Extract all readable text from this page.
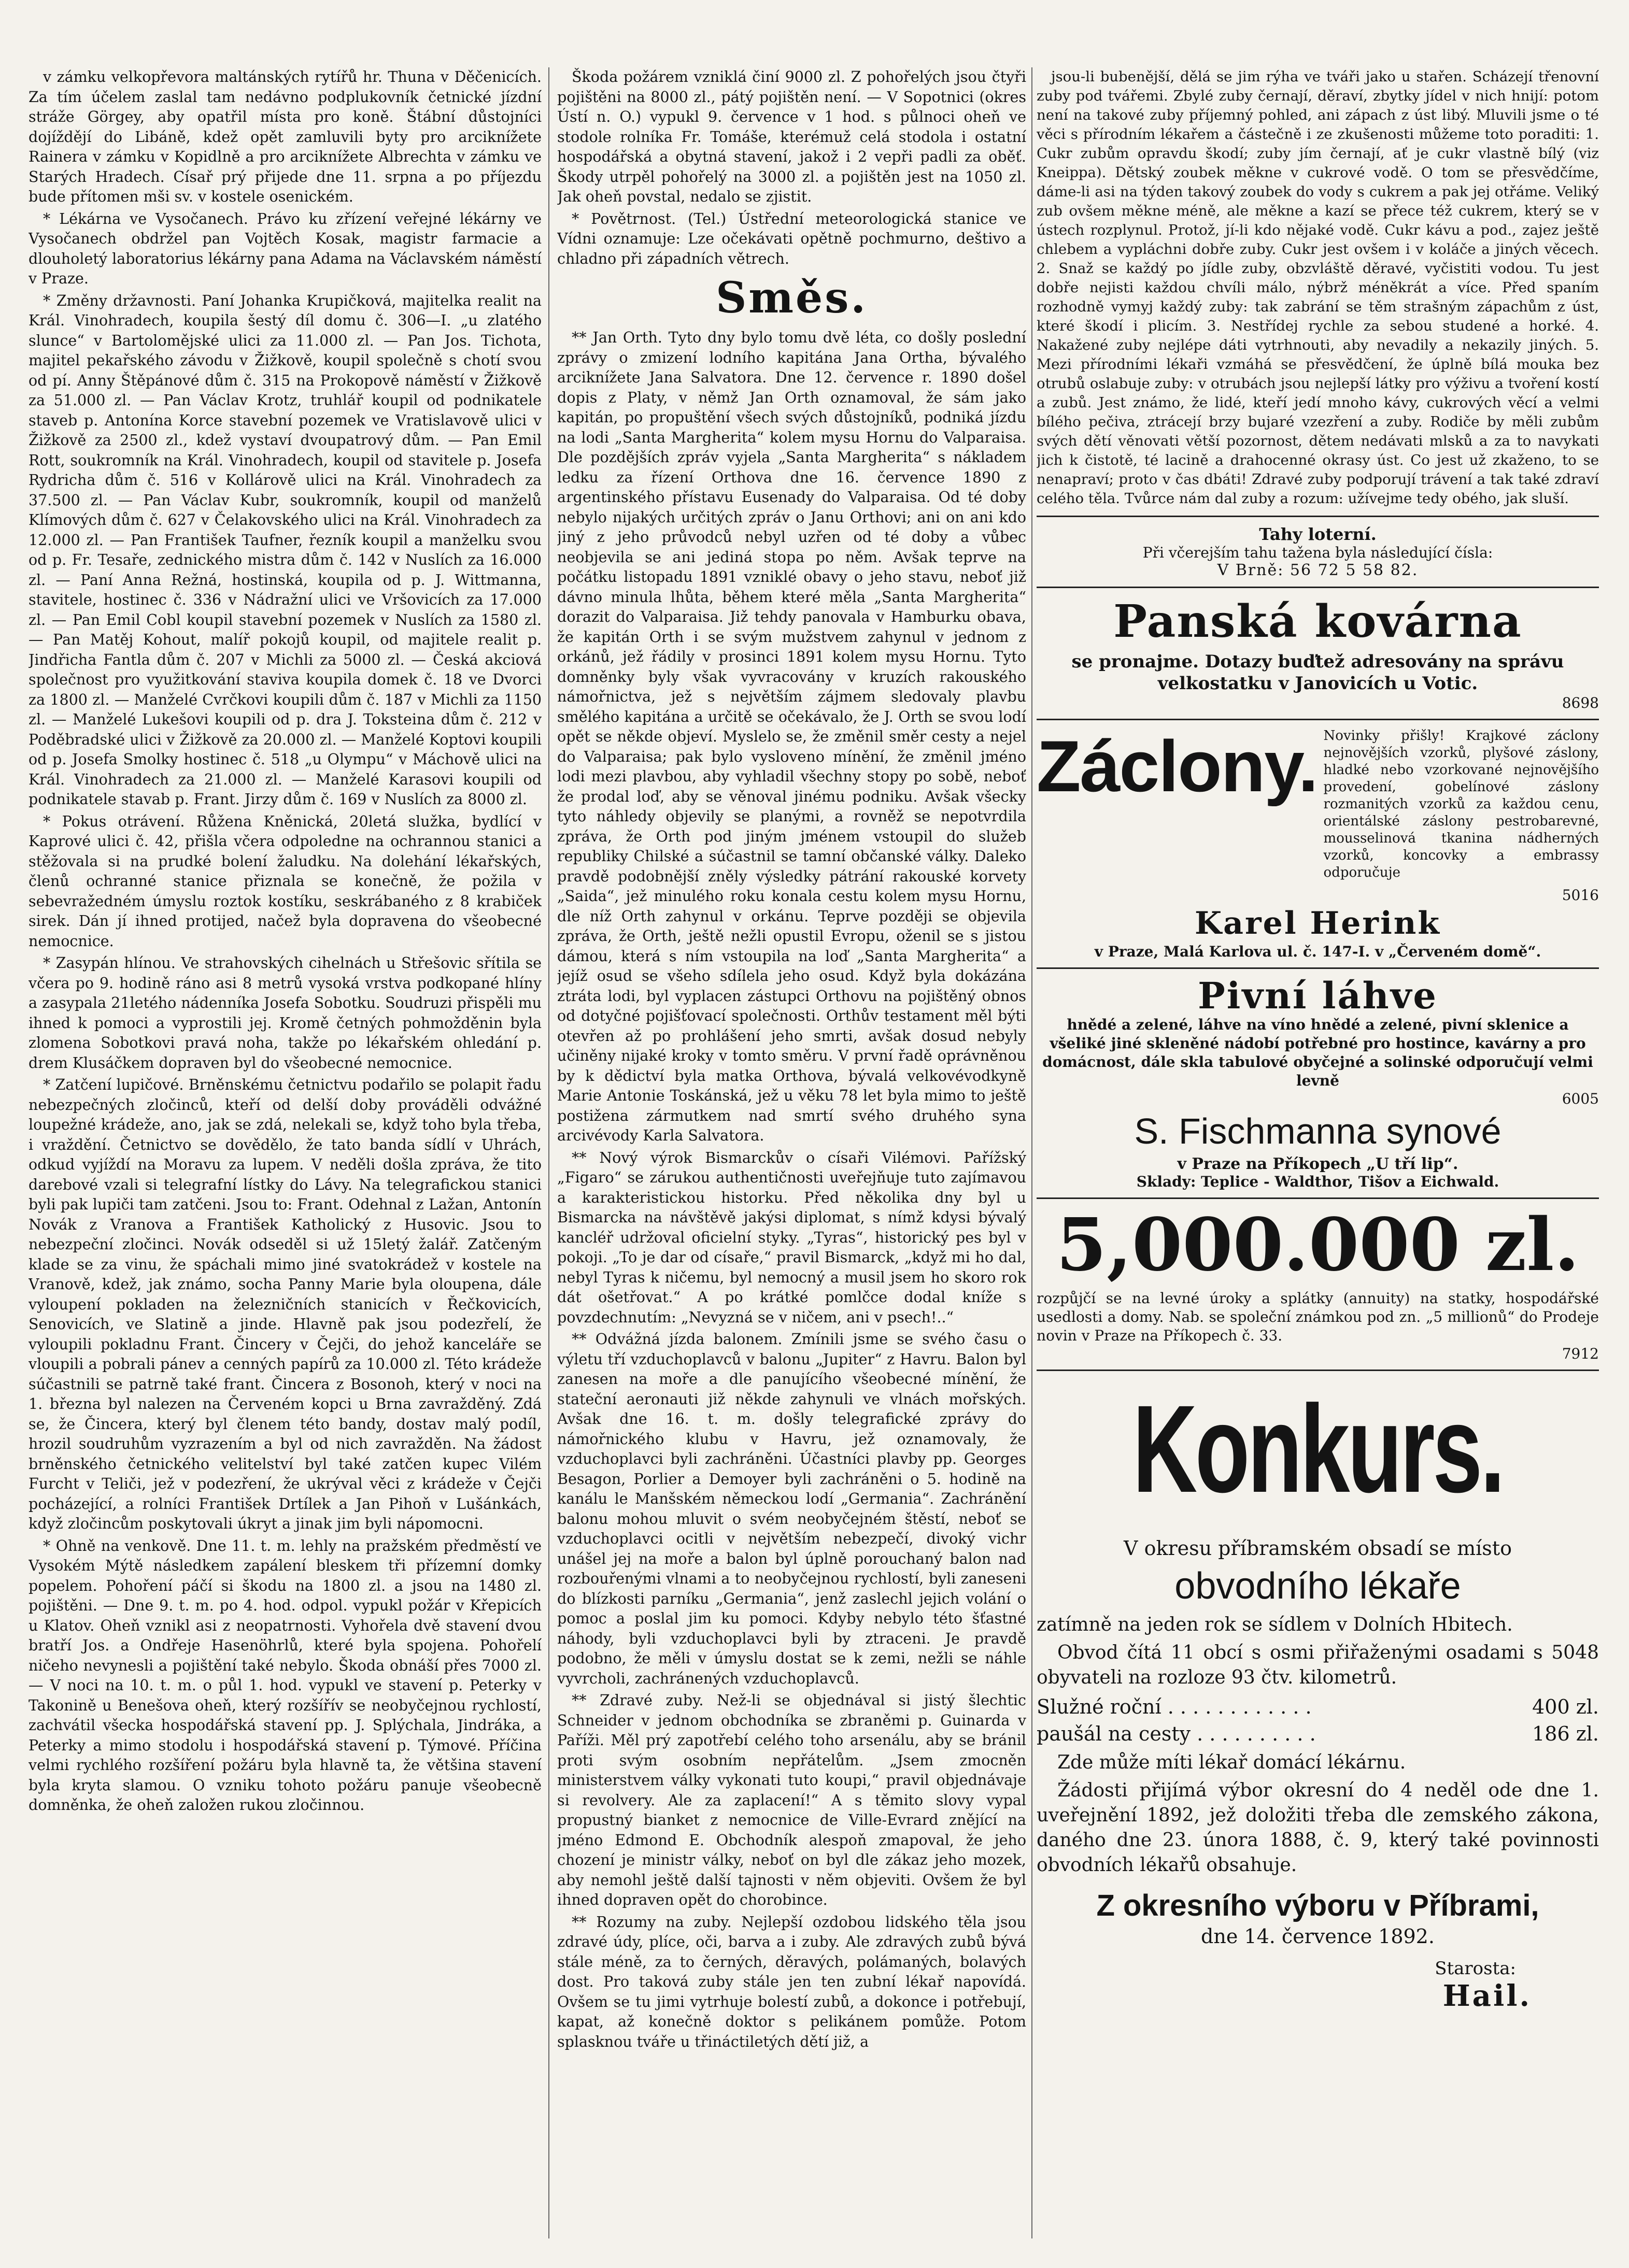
v zámku velkopřevora maltánských rytířů hr. Thuna v Děčenicích. Za tím účelem zaslal tam nedávno podplukovník četnické jízdní stráže Görgey, aby opatřil místa pro koně. Štábní důstojníci dojíždějí do Libáně, kdež opět zamluvili byty pro arciknížete Rainera v zámku v Kopidlně a pro arciknížete Albrechta v zámku ve Starých Hradech. Císař prý přijede dne 11. srpna a po příjezdu bude přítomen mši sv. v kostele osenickém.

* Lékárna ve Vysočanech. Právo ku zřízení veřejné lékárny ve Vysočanech obdržel pan Vojtěch Kosak, magistr farmacie a dlouholetý laboratorius lékárny pana Adama na Václavském náměstí v Praze.

* Změny državnosti. Paní Johanka Krupičková, majitelka realit na Král. Vinohradech, koupila šestý díl domu č. 306—I. „u zlatého slunce“ v Bartolomějské ulici za 11.000 zl. — Pan Jos. Tichota, majitel pekařského závodu v Žižkově, koupil společně s chotí svou od pí. Anny Štěpánové dům č. 315 na Prokopově náměstí v Žižkově za 51.000 zl. — Pan Václav Krotz, truhlář koupil od podnikatele staveb p. Antonína Korce stavební pozemek ve Vratislavově ulici v Žižkově za 2500 zl., kdež vystaví dvoupatrový dům. — Pan Emil Rott, soukromník na Král. Vinohradech, koupil od stavitele p. Josefa Rydricha dům č. 516 v Kollárově ulici na Král. Vinohradech za 37.500 zl. — Pan Václav Kubr, soukromník, koupil od manželů Klímových dům č. 627 v Čelakovského ulici na Král. Vinohradech za 12.000 zl. — Pan František Taufner, řezník koupil a manželku svou od p. Fr. Tesaře, zednického mistra dům č. 142 v Nuslích za 16.000 zl. — Paní Anna Režná, hostinská, koupila od p. J. Wittmanna, stavitele, hostinec č. 336 v Nádražní ulici ve Vršovicích za 17.000 zl. — Pan Emil Cobl koupil stavební pozemek v Nuslích za 1580 zl. — Pan Matěj Kohout, malíř pokojů koupil, od majitele realit p. Jindřicha Fantla dům č. 207 v Michli za 5000 zl. — Česká akciová společnost pro využitkování staviva koupila domek č. 18 ve Dvorci za 1800 zl. — Manželé Cvrčkovi koupili dům č. 187 v Michli za 1150 zl. — Manželé Lukešovi koupili od p. dra J. Toksteina dům č. 212 v Poděbradské ulici v Žižkově za 20.000 zl. — Manželé Koptovi koupili od p. Josefa Smolky hostinec č. 518 „u Olympu“ v Máchově ulici na Král. Vinohradech za 21.000 zl. — Manželé Karasovi koupili od podnikatele stavab p. Frant. Jirzy dům č. 169 v Nuslích za 8000 zl.

* Pokus otrávení. Růžena Kněnická, 20letá služka, bydlící v Kaprové ulici č. 42, přišla včera odpoledne na ochrannou stanici a stěžovala si na prudké bolení žaludku. Na dolehání lékařských, členů ochranné stanice přiznala se konečně, že požila v sebevražedném úmyslu roztok kostíku, seskrábaného z 8 krabiček sirek. Dán jí ihned protijed, načež byla dopravena do všeobecné nemocnice.

* Zasypán hlínou. Ve strahovských cihelnách u Střešovic sřítila se včera po 9. hodině ráno asi 8 metrů vysoká vrstva podkopané hlíny a zasypala 21letého nádenníka Josefa Sobotku. Soudruzi přispěli mu ihned k pomoci a vyprostili jej. Kromě četných pohmožděnin byla zlomena Sobotkovi pravá noha, takže po lékařském ohledání p. drem Klusáčkem dopraven byl do všeobecné nemocnice.

* Zatčení lupičové. Brněnskému četnictvu podařilo se polapit řadu nebezpečných zločinců, kteří od delší doby prováděli odvážné loupežné krádeže, ano, jak se zdá, nelekali se, když toho byla třeba, i vraždění. Četnictvo se dovědělo, že tato banda sídlí v Uhrách, odkud vyjíždí na Moravu za lupem. V neděli došla zpráva, že tito darebové vzali si telegrafní lístky do Lávy. Na telegrafickou stanici byli pak lupiči tam zatčeni. Jsou to: Frant. Odehnal z Lažan, Antonín Novák z Vranova a František Katholický z Husovic. Jsou to nebezpeční zločinci. Novák odseděl si už 15letý žalář. Zatčeným klade se za vinu, že spáchali mimo jiné svatokrádež v kostele na Vranově, kdež, jak známo, socha Panny Marie byla oloupena, dále vyloupení pokladen na železničních stanicích v Řečkovicích, Senovicích, ve Slatině a jinde. Hlavně pak jsou podezřelí, že vyloupili pokladnu Frant. Čincery v Čejči, do jehož kanceláře se vloupili a pobrali pánev a cenných papírů za 10.000 zl. Této krádeže súčastnili se patrně také frant. Čincera z Bosonoh, který v noci na 1. března byl nalezen na Červeném kopci u Brna zavražděný. Zdá se, že Čincera, který byl členem této bandy, dostav malý podíl, hrozil soudruhům vyzrazením a byl od nich zavražděn. Na žádost brněnského četnického velitelství byl také zatčen kupec Vilém Furcht v Teliči, jež v podezření, že ukrýval věci z krádeže v Čejči pocházející, a rolníci František Drtílek a Jan Pihoň v Lušánkách, když zločincům poskytovali úkryt a jinak jim byli nápomocni.

* Ohně na venkově. Dne 11. t. m. lehly na pražském předměstí ve Vysokém Mýtě následkem zapálení bleskem tři přízemní domky popelem. Pohoření páčí si škodu na 1800 zl. a jsou na 1480 zl. pojištěni. — Dne 9. t. m. po 4. hod. odpol. vypukl požár v Křepicích u Klatov. Oheň vznikl asi z neopatrnosti. Vyhořela dvě stavení dvou bratří Jos. a Ondřeje Hasenöhrlů, které byla spojena. Pohořelí ničeho nevynesli a pojištění také nebylo. Škoda obnáší přes 7000 zl. — V noci na 10. t. m. o půl 1. hod. vypukl ve stavení p. Peterky v Takonině u Benešova oheň, který rozšířív se neobyčejnou rychlostí, zachvátil všecka hospodářská stavení pp. J. Splýchala, Jindráka, a Peterky a mimo stodolu i hospodářská stavení p. Týmové. Příčina velmi rychlého rozšíření požáru byla hlavně ta, že většina stavení byla kryta slamou. O vzniku tohoto požáru panuje všeobecně domněnka, že oheň založen rukou zločinnou.

Škoda požárem vzniklá činí 9000 zl. Z pohořelých jsou čtyři pojištěni na 8000 zl., pátý pojištěn není. — V Sopotnici (okres Ústí n. O.) vypukl 9. července v 1 hod. s půlnoci oheň ve stodole rolníka Fr. Tomáše, kterémuž celá stodola i ostatní hospodářská a obytná stavení, jakož i 2 vepři padli za oběť. Škody utrpěl pohořelý na 3000 zl. a pojištěn jest na 1050 zl. Jak oheň povstal, nedalo se zjistit.

* Povětrnost. (Tel.) Ústřední meteorologická stanice ve Vídni oznamuje: Lze očekávati opětně pochmurno, deštivo a chladno při západních větrech.

Směs.

** Jan Orth. Tyto dny bylo tomu dvě léta, co došly poslední zprávy o zmizení lodního kapitána Jana Ortha, bývalého arciknížete Jana Salvatora. Dne 12. července r. 1890 došel dopis z Platy, v němž Jan Orth oznamoval, že sám jako kapitán, po propuštění všech svých důstojníků, podniká jízdu na lodi „Santa Margherita“ kolem mysu Hornu do Valparaisa. Dle pozdějších zpráv vyjela „Santa Margherita“ s nákladem ledku za řízení Orthova dne 16. července 1890 z argentinského přístavu Eusenady do Valparaisa. Od té doby nebylo nijakých určitých zpráv o Janu Orthovi; ani on ani kdo jiný z jeho průvodců nebyl uzřen od té doby a vůbec neobjevila se ani jediná stopa po něm. Avšak teprve na počátku listopadu 1891 vzniklé obavy o jeho stavu, neboť již dávno minula lhůta, během které měla „Santa Margherita“ dorazit do Valparaisa. Již tehdy panovala v Hamburku obava, že kapitán Orth i se svým mužstvem zahynul v jednom z orkánů, jež řádily v prosinci 1891 kolem mysu Hornu. Tyto domněnky byly však vyvracovány v kruzích rakouského námořnictva, jež s největším zájmem sledovaly plavbu smělého kapitána a určitě se očekávalo, že J. Orth se svou lodí opět se někde objeví. Myslelo se, že změnil směr cesty a nejel do Valparaisa; pak bylo vysloveno mínění, že změnil jméno lodi mezi plavbou, aby vyhladil všechny stopy po sobě, neboť že prodal loď, aby se věnoval jinému podniku. Avšak všecky tyto náhledy objevily se planými, a rovněž se nepotvrdila zpráva, že Orth pod jiným jménem vstoupil do služeb republiky Chilské a súčastnil se tamní občanské války. Daleko pravdě podobnější zněly výsledky pátrání rakouské korvety „Saida“, jež minulého roku konala cestu kolem mysu Hornu, dle níž Orth zahynul v orkánu. Teprve později se objevila zpráva, že Orth, ještě nežli opustil Evropu, oženil se s jistou dámou, která s ním vstoupila na loď „Santa Margherita“ a jejíž osud se všeho sdílela jeho osud. Když byla dokázána ztráta lodi, byl vyplacen zástupci Orthovu na pojištěný obnos od dotyčné pojišťovací společnosti. Orthův testament měl býti otevřen až po prohlášení jeho smrti, avšak dosud nebyly učiněny nijaké kroky v tomto směru. V první řadě oprávněnou by k dědictví byla matka Orthova, bývalá velkovévodkyně Marie Antonie Toskánská, jež u věku 78 let byla mimo to ještě postižena zármutkem nad smrtí svého druhého syna arcivévody Karla Salvatora.

** Nový výrok Bismarckův o císaři Vilémovi. Pařížský „Figaro“ se zárukou authentičnosti uveřejňuje tuto zajímavou a karakteristickou historku. Před několika dny byl u Bismarcka na návštěvě jakýsi diplomat, s nímž kdysi bývalý kancléř udržoval oficielní styky. „Tyras“, historický pes byl v pokoji. „To je dar od císaře,“ pravil Bismarck, „když mi ho dal, nebyl Tyras k ničemu, byl nemocný a musil jsem ho skoro rok dát ošetřovat.“ A po krátké pomlčce dodal kníže s povzdechnutím: „Nevyzná se v ničem, ani v psech!..“

** Odvážná jízda balonem. Zmínili jsme se svého času o výletu tří vzduchoplavců v balonu „Jupiter“ z Havru. Balon byl zanesen na moře a dle panujícího všeobecné mínění, že stateční aeronauti již někde zahynuli ve vlnách mořských. Avšak dne 16. t. m. došly telegrafické zprávy do námořnického klubu v Havru, jež oznamovaly, že vzduchoplavci byli zachráněni. Účastníci plavby pp. Georges Besagon, Porlier a Demoyer byli zachráněni o 5. hodině na kanálu le Manšském německou lodí „Germania“. Zachránění balonu mohou mluvit o svém neobyčejném štěstí, neboť se vzduchoplavci ocitli v největším nebezpečí, divoký vichr unášel jej na moře a balon byl úplně porouchaný balon nad rozbouřenými vlnami a to neobyčejnou rychlostí, byli zaneseni do blízkosti parníku „Germania“, jenž zaslechl jejich volání o pomoc a poslal jim ku pomoci. Kdyby nebylo této šťastné náhody, byli vzduchoplavci byli by ztraceni. Je pravdě podobno, že měli v úmyslu dostat se k zemi, nežli se náhle vyvrcholi, zachránených vzduchoplavců.

** Zdravé zuby. Než-li se objednával si jistý šlechtic Schneider v jednom obchodníka se zbraněmi p. Guinarda v Paříži. Měl prý zapotřebí celého toho arsenálu, aby se bránil proti svým osobním nepřátelům. „Jsem zmocněn ministerstvem války vykonati tuto koupi,“ pravil objednávaje si revolvery. Ale za zaplacení!“ A s těmito slovy vypal propustný bianket z nemocnice de Ville-Evrard znějící na jméno Edmond E. Obchodník alespoň zmapoval, že jeho chození je ministr války, neboť on byl dle zákaz jeho mozek, aby nemohl ještě další tajnosti v něm objeviti. Ovšem že byl ihned dopraven opět do chorobince.

** Rozumy na zuby. Nejlepší ozdobou lidského těla jsou zdravé údy, plíce, oči, barva a i zuby. Ale zdravých zubů bývá stále méně, za to černých, děravých, polámaných, bolavých dost. Pro taková zuby stále jen ten zubní lékař napovídá. Ovšem se tu jimi vytrhuje bolestí zubů, a dokonce i potřebují, kapat, až konečně doktor s pelikánem pomůže. Potom splasknou tváře u třináctiletých dětí již, a

jsou-li bubenější, dělá se jim rýha ve tváři jako u stařen. Scházejí třenovní zuby pod tvářemi. Zbylé zuby černají, děraví, zbytky jídel v nich hnijí: potom není na takové zuby příjemný pohled, ani zápach z úst libý. Mluvili jsme o té věci s přírodním lékařem a částečně i ze zkušenosti můžeme toto poraditi: 1. Cukr zubům opravdu škodí; zuby jím černají, ať je cukr vlastně bílý (viz Kneippa). Dětský zoubek měkne v cukrové vodě. O tom se přesvědčíme, dáme-li asi na týden takový zoubek do vody s cukrem a pak jej otřáme. Veliký zub ovšem měkne méně, ale měkne a kazí se přece též cukrem, který se v ústech rozplynul. Protož, jí-li kdo nějaké vodě. Cukr kávu a pod., zajez ještě chlebem a vypláchni dobře zuby. Cukr jest ovšem i v koláče a jiných věcech. 2. Snaž se každý po jídle zuby, obzvláště děravé, vyčistiti vodou. Tu jest dobře nejisti každou chvíli málo, nýbrž méněkrát a více. Před spaním rozhodně vymyj každý zuby: tak zabrání se těm strašným zápachům z úst, které škodí i plicím. 3. Nestřídej rychle za sebou studené a horké. 4. Nakažené zuby nejlépe dáti vytrhnouti, aby nevadily a nekazily jiných. 5. Mezi přírodními lékaři vzmáhá se přesvědčení, že úplně bílá mouka bez otrubů oslabuje zuby: v otrubách jsou nejlepší látky pro výživu a tvoření kostí a zubů. Jest známo, že lidé, kteří jedí mnoho kávy, cukrových věcí a velmi bílého pečiva, ztrácejí brzy bujaré vzezření a zuby. Rodiče by měli zubům svých dětí věnovati větší pozornost, dětem nedávati mlsků a za to navykati jich k čistotě, té lacině a drahocenné okrasy úst. Co jest už zkaženo, to se nenapraví; proto v čas dbáti! Zdravé zuby podporují trávení a tak také zdraví celého těla. Tvůrce nám dal zuby a rozum: užívejme tedy obého, jak sluší.

Tahy loterní.
Při včerejším tahu tažena byla následující čísla:
V Brně: 56 72 5 58 82.
Panská kovárna
se pronajme. Dotazy buďtež adresovány na správu velkostatku v Janovicích u Votic.
8698
Záclony. Novinky přišly! Krajkové záclony nejnovějších vzorků, plyšové záslony, hladké nebo vzorkované nejnovějšího provedení, gobelínové záslony rozmanitých vzorků za každou cenu, orientálské záslony pestrobarevné, mousselinová tkanina nádherných vzorků, koncovky a embrassy odporučuje
5016
Karel Herink
v Praze, Malá Karlova ul. č. 147-I. v „Červeném domě“.
Pivní láhve
hnědé a zelené, láhve na víno hnědé a zelené, pivní sklenice a všeliké jiné skleněné nádobí potřebné pro hostince, kavárny a pro domácnost, dále skla tabulové obyčejné a solinské odporučují velmi levně
6005
S. Fischmanna synové
v Praze na Příkopech „U tří lip“.
Sklady: Teplice - Waldthor, Tišov a Eichwald.
5,000.000 zl.
rozpůjčí se na levné úroky a splátky (annuity) na statky, hospodářské usedlosti a domy. Nab. se společní známkou pod zn. „5 millionů“ do Prodeje novin v Praze na Příkopech č. 33.
7912
Konkurs.
V okresu příbramském obsadí se místo
obvodního lékaře

zatímně na jeden rok se sídlem v Dolních Hbitech.

Obvod čítá 11 obcí s osmi přiřaženými osadami s 5048 obyvateli na rozloze 93 čtv. kilometrů.

Služné roční . . . . . . . . . . . .	400 zl.
paušál na cesty . . . . . . . . . .	186 zl.

Zde může míti lékař domácí lékárnu.

Žádosti přijímá výbor okresní do 4 neděl ode dne 1. uveřejnění 1892, jež doložiti třeba dle zemského zákona, daného dne 23. února 1888, č. 9, který také povinnosti obvodních lékařů obsahuje.

Z okresního výboru v Příbrami,
dne 14. července 1892.
Starosta:
Hail.
